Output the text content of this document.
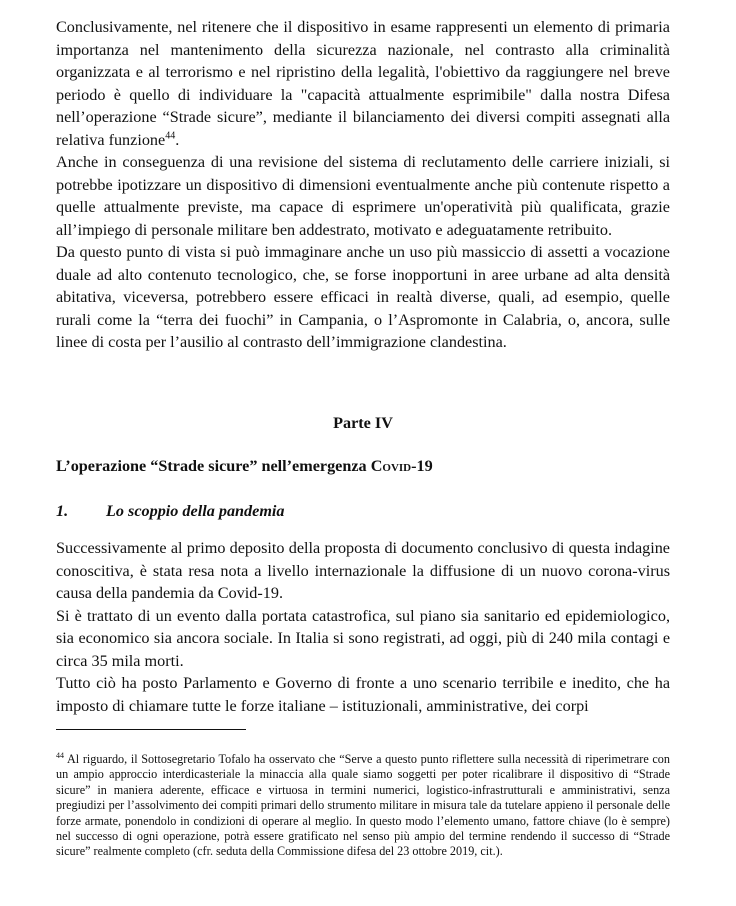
Conclusivamente, nel ritenere che il dispositivo in esame rappresenti un elemento di primaria importanza nel mantenimento della sicurezza nazionale, nel contrasto alla criminalità organizzata e al terrorismo e nel ripristino della legalità, l'obiettivo da raggiungere nel breve periodo è quello di individuare la "capacità attualmente esprimibile" dalla nostra Difesa nell’operazione “Strade sicure”, mediante il bilanciamento dei diversi compiti assegnati alla relativa funzione$^{44}$.

Anche in conseguenza di una revisione del sistema di reclutamento delle carriere iniziali, si potrebbe ipotizzare un dispositivo di dimensioni eventualmente anche più contenute rispetto a quelle attualmente previste, ma capace di esprimere un'operatività più qualificata, grazie all’impiego di personale militare ben addestrato, motivato e adeguatamente retribuito.

Da questo punto di vista si può immaginare anche un uso più massiccio di assetti a vocazione duale ad alto contenuto tecnologico, che, se forse inopportuni in aree urbane ad alta densità abitativa, viceversa, potrebbero essere efficaci in realtà diverse, quali, ad esempio, quelle rurali come la “terra dei fuochi” in Campania, o l’Aspromonte in Calabria, o, ancora, sulle linee di costa per l’ausilio al contrasto dell’immigrazione clandestina.

Parte IV

L’operazione “Strade sicure” nell’emergenza Covid-19

1. Lo scoppio della pandemia

Successivamente al primo deposito della proposta di documento conclusivo di questa indagine conoscitiva, è stata resa nota a livello internazionale la diffusione di un nuovo corona-virus causa della pandemia da Covid-19.

Si è trattato di un evento dalla portata catastrofica, sul piano sia sanitario ed epidemiologico, sia economico sia ancora sociale. In Italia si sono registrati, ad oggi, più di 240 mila contagi e circa 35 mila morti.

Tutto ciò ha posto Parlamento e Governo di fronte a uno scenario terribile e inedito, che ha imposto di chiamare tutte le forze italiane – istituzionali, amministrative, dei corpi

$^{44}$ Al riguardo, il Sottosegretario Tofalo ha osservato che “Serve a questo punto riflettere sulla necessità di riperimetrare con un ampio approccio interdicasteriale la minaccia alla quale siamo soggetti per poter ricalibrare il dispositivo di “Strade sicure” in maniera aderente, efficace e virtuosa in termini numerici, logistico-infrastrutturali e amministrativi, senza pregiudizi per l’assolvimento dei compiti primari dello strumento militare in misura tale da tutelare appieno il personale delle forze armate, ponendolo in condizioni di operare al meglio. In questo modo l’elemento umano, fattore chiave (lo è sempre) nel successo di ogni operazione, potrà essere gratificato nel senso più ampio del termine rendendo il successo di “Strade sicure” realmente completo (cfr. seduta della Commissione difesa del 23 ottobre 2019, cit.).
